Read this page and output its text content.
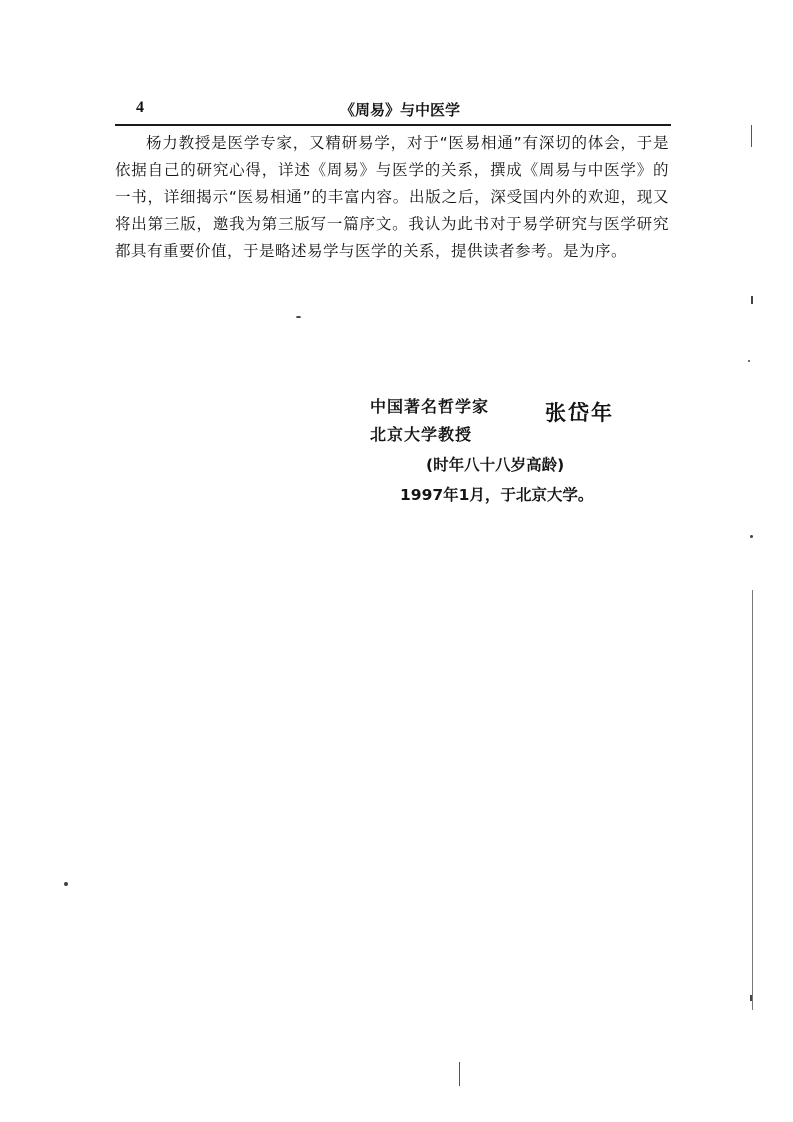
4	《周易》与中医学

杨力教授是医学专家，又精研易学，对于“医易相通”有深切的体会，于是依据自己的研究心得，详述《周易》与医学的关系，撰成《周易与中医学》的一书，详细揭示“医易相通”的丰富内容。出版之后，深受国内外的欢迎，现又将出第三版，邀我为第三版写一篇序文。我认为此书对于易学研究与医学研究都具有重要价值，于是略述易学与医学的关系，提供读者参考。是为序。

中国著名哲学家
北京大学教授
张岱年
(时年八十八岁高龄)
1997年1月，于北京大学。
